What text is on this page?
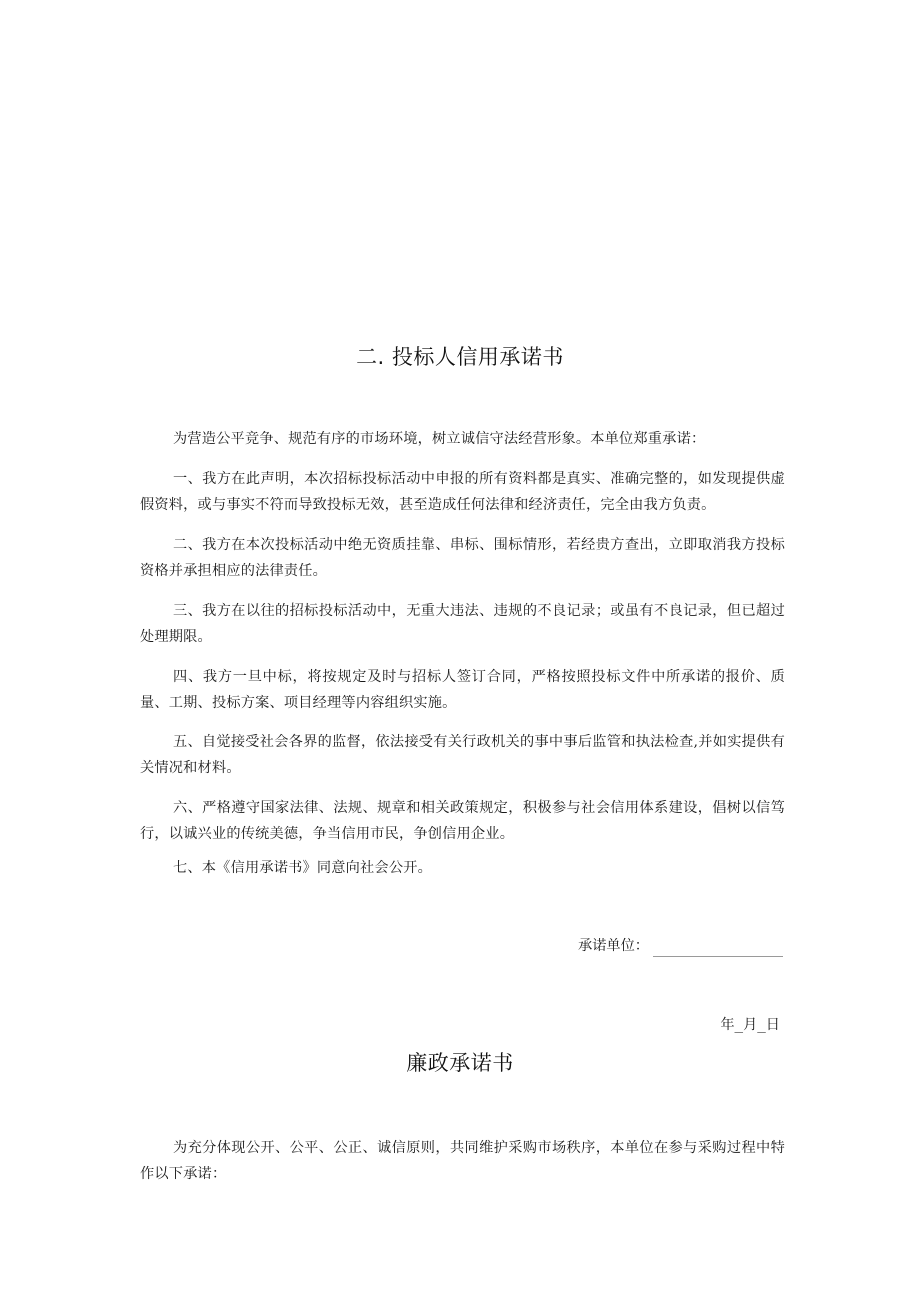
二. 投标人信用承诺书

为营造公平竞争、规范有序的市场环境，树立诚信守法经营形象。本单位郑重承诺：

一、我方在此声明，本次招标投标活动中申报的所有资料都是真实、准确完整的，如发现提供虚假资料，或与事实不符而导致投标无效，甚至造成任何法律和经济责任，完全由我方负责。

二、我方在本次投标活动中绝无资质挂靠、串标、围标情形，若经贵方查出，立即取消我方投标资格并承担相应的法律责任。

三、我方在以往的招标投标活动中，无重大违法、违规的不良记录；或虽有不良记录，但已超过处理期限。

四、我方一旦中标，将按规定及时与招标人签订合同，严格按照投标文件中所承诺的报价、质量、工期、投标方案、项目经理等内容组织实施。

五、自觉接受社会各界的监督，依法接受有关行政机关的事中事后监管和执法检查,并如实提供有关情况和材料。

六、严格遵守国家法律、法规、规章和相关政策规定，积极参与社会信用体系建设，倡树以信笃行，以诚兴业的传统美德，争当信用市民，争创信用企业。

七、本《信用承诺书》同意向社会公开。

承诺单位：
年_月_日
廉政承诺书

为充分体现公开、公平、公正、诚信原则，共同维护采购市场秩序，本单位在参与采购过程中特作以下承诺：
